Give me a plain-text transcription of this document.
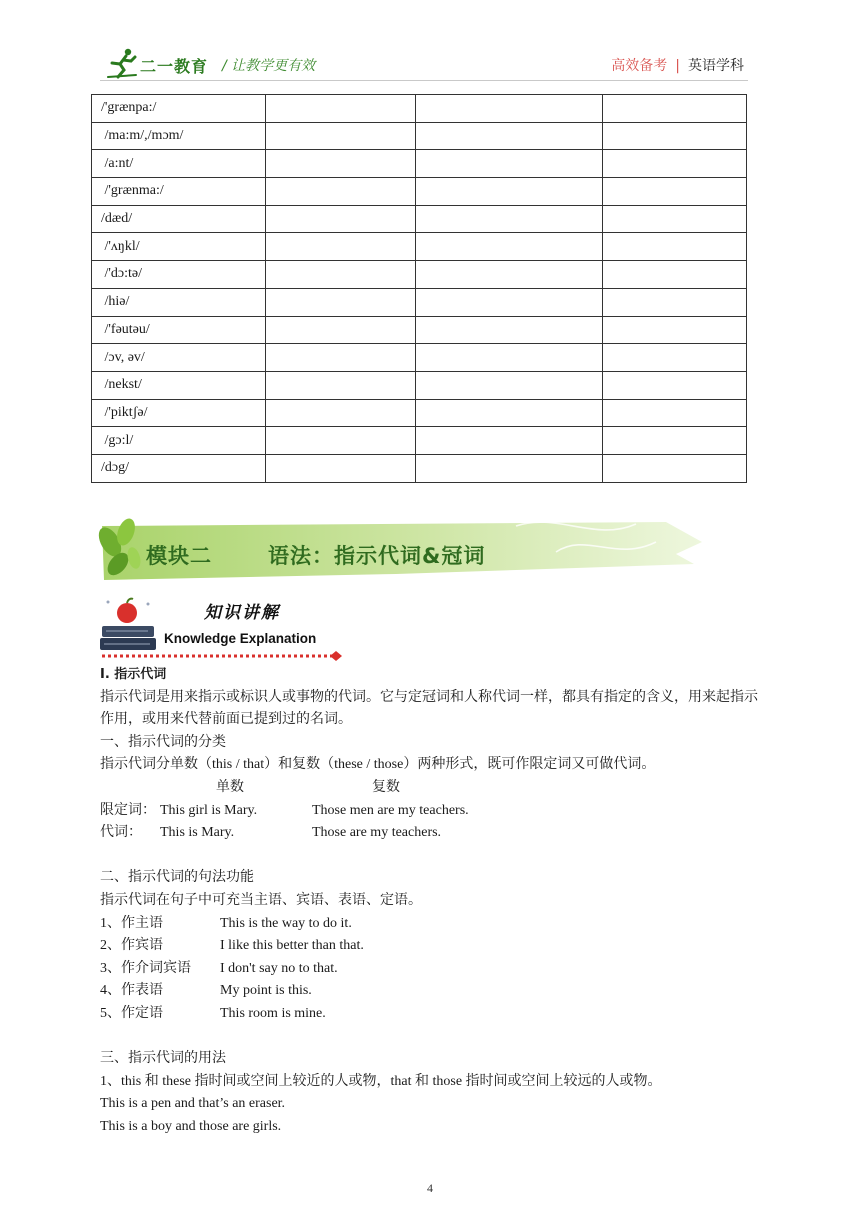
二一教育 / 让教学更有效	高效备考 | 英语学科
/'grænpa:/			
/ma:m/,/mɔm/			
/a:nt/			
/'grænma:/			
/dæd/			
/'ʌŋkl/			
/'dɔ:tə/			
/hiə/			
/'fəutəu/			
/ɔv, əv/			
/nekst/			
/'piktʃə/			
/gɔ:l/			
/dɔg/			
模块二	语法：指示代词&冠词
知识讲解
Knowledge Explanation

Ⅰ. 指示代词

指示代词是用来指示或标识人或事物的代词。它与定冠词和人称代词一样，都具有指定的含义，用来起指示作用，或用来代替前面已提到过的名词。

一、指示代词的分类

指示代词分单数（this / that）和复数（these / those）两种形式，既可作限定词又可做代词。

单数	复数

限定词： This girl is Mary.	Those men are my teachers.

代词：	This is Mary.	Those are my teachers.

二、指示代词的句法功能

指示代词在句子中可充当主语、宾语、表语、定语。

1、作主语	This is the way to do it.

2、作宾语	I like this better than that.

3、作介词宾语	I don't say no to that.

4、作表语	My point is this.

5、作定语	This room is mine.

三、指示代词的用法

1、this 和 these 指时间或空间上较近的人或物，that 和 those 指时间或空间上较远的人或物。

This is a pen and that’s an eraser.

This is a boy and those are girls.

4
